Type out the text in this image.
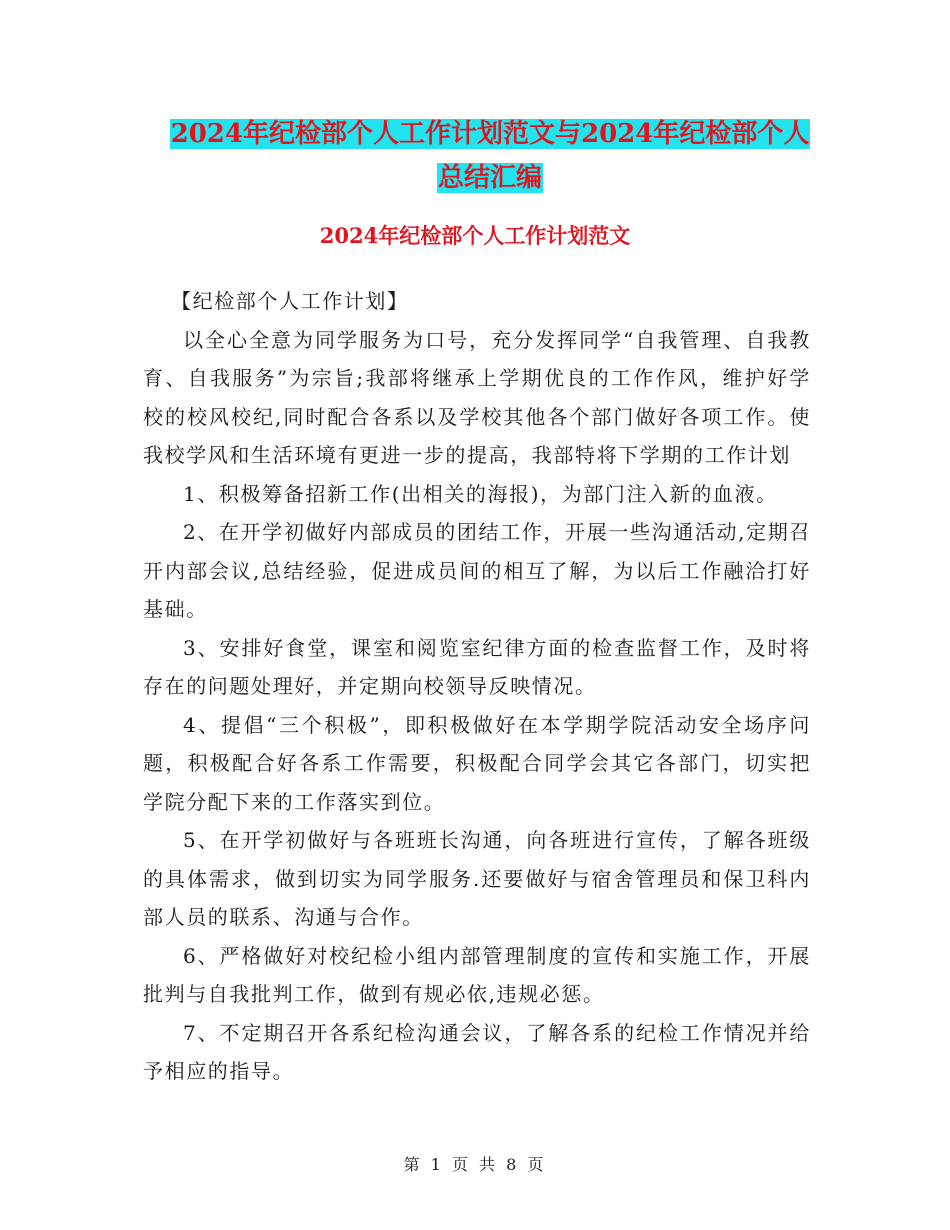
2024年纪检部个人工作计划范文与2024年纪检部个人
总结汇编
2024年纪检部个人工作计划范文

【纪检部个人工作计划】

以全心全意为同学服务为口号，充分发挥同学“自我管理、自我教育、自我服务”为宗旨;我部将继承上学期优良的工作作风，维护好学校的校风校纪,同时配合各系以及学校其他各个部门做好各项工作。使我校学风和生活环境有更进一步的提高，我部特将下学期的工作计划

1、积极筹备招新工作(出相关的海报)，为部门注入新的血液。

2、在开学初做好内部成员的团结工作，开展一些沟通活动,定期召开内部会议,总结经验，促进成员间的相互了解，为以后工作融洽打好基础。

3、安排好食堂，课室和阅览室纪律方面的检查监督工作，及时将存在的问题处理好，并定期向校领导反映情况。

4、提倡“三个积极”，即积极做好在本学期学院活动安全场序问题，积极配合好各系工作需要，积极配合同学会其它各部门，切实把学院分配下来的工作落实到位。

5、在开学初做好与各班班长沟通，向各班进行宣传，了解各班级的具体需求，做到切实为同学服务.还要做好与宿舍管理员和保卫科内部人员的联系、沟通与合作。

6、严格做好对校纪检小组内部管理制度的宣传和实施工作，开展批判与自我批判工作，做到有规必依,违规必惩。

7、不定期召开各系纪检沟通会议，了解各系的纪检工作情况并给予相应的指导。

第 1 页 共 8 页
